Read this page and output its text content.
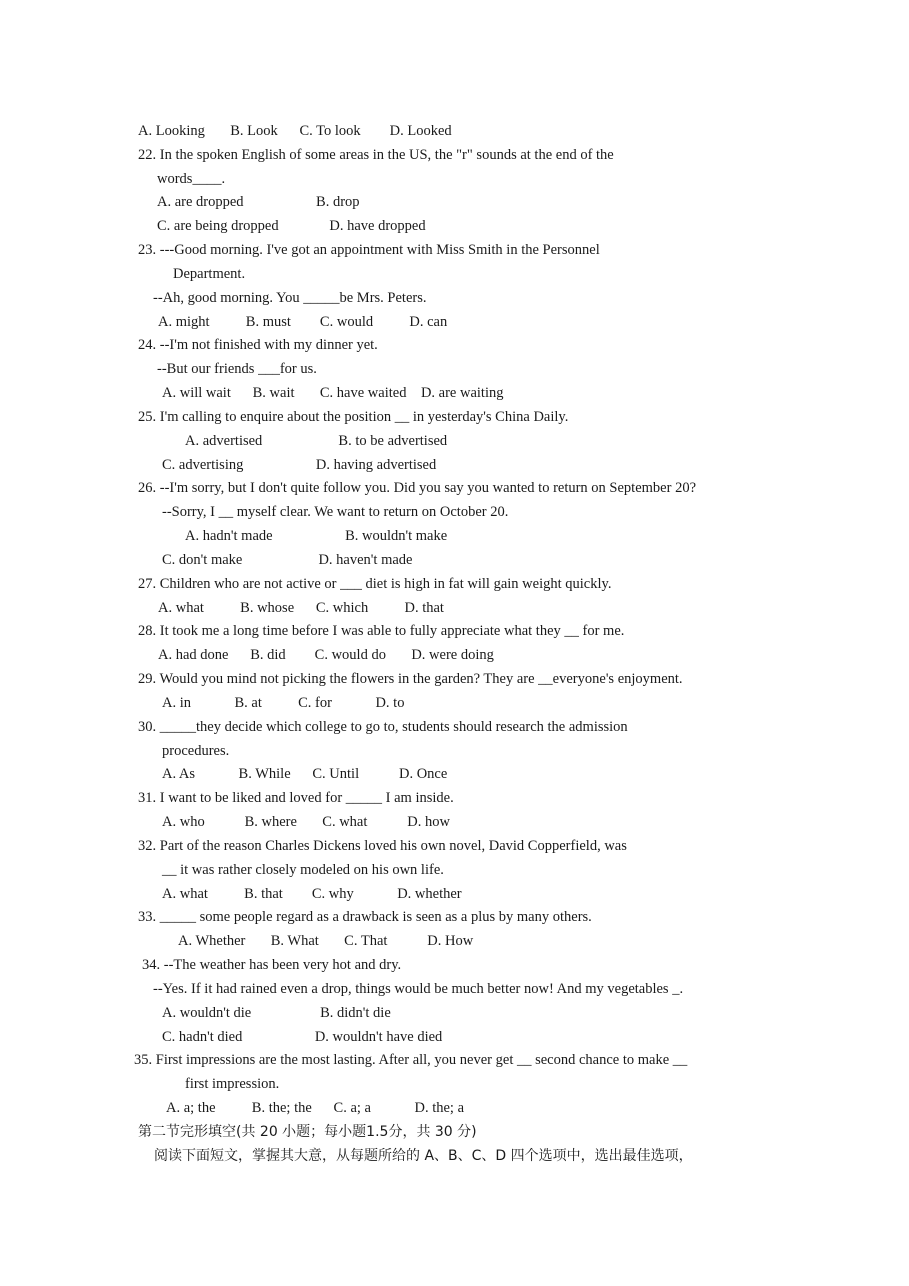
A. Looking       B. Look      C. To look        D. Looked
22. In the spoken English of some areas in the US, the "r" sounds at the end of the
words____.
A. are dropped                    B. drop
C. are being dropped              D. have dropped
23. ---Good morning. I've got an appointment with Miss Smith in the Personnel
Department.
--Ah, good morning. You _____be Mrs. Peters.
A. might          B. must        C. would          D. can
24. --I'm not finished with my dinner yet.
--But our friends ___for us.
A. will wait      B. wait       C. have waited    D. are waiting
25. I'm calling to enquire about the position __ in yesterday's China Daily.
A. advertised                     B. to be advertised
C. advertising                    D. having advertised
26. --I'm sorry, but I don't quite follow you. Did you say you wanted to return on September 20?
--Sorry, I __ myself clear. We want to return on October 20.
A. hadn't made                    B. wouldn't make
C. don't make                     D. haven't made
27. Children who are not active or ___ diet is high in fat will gain weight quickly.
A. what          B. whose      C. which          D. that
28. It took me a long time before I was able to fully appreciate what they __ for me.
A. had done      B. did        C. would do       D. were doing
29. Would you mind not picking the flowers in the garden? They are __everyone's enjoyment.
A. in            B. at          C. for            D. to
30. _____they decide which college to go to, students should research the admission
procedures.
A. As            B. While      C. Until           D. Once
31. I want to be liked and loved for _____ I am inside.
A. who           B. where       C. what           D. how
32. Part of the reason Charles Dickens loved his own novel, David Copperfield, was
__ it was rather closely modeled on his own life.
A. what          B. that        C. why            D. whether
33. _____ some people regard as a drawback is seen as a plus by many others.
A. Whether       B. What       C. That           D. How
34. --The weather has been very hot and dry.
--Yes. If it had rained even a drop, things would be much better now! And my vegetables _.
A. wouldn't die                   B. didn't die
C. hadn't died                    D. wouldn't have died
35. First impressions are the most lasting. After all, you never get __ second chance to make __
first impression.
A. a; the          B. the; the      C. a; a            D. the; a
第二节完形填空(共 20 小题；每小题1.5分，共 30 分)
阅读下面短文，掌握其大意，从每题所给的 A、B、C、D 四个选项中，选出最佳选项，
